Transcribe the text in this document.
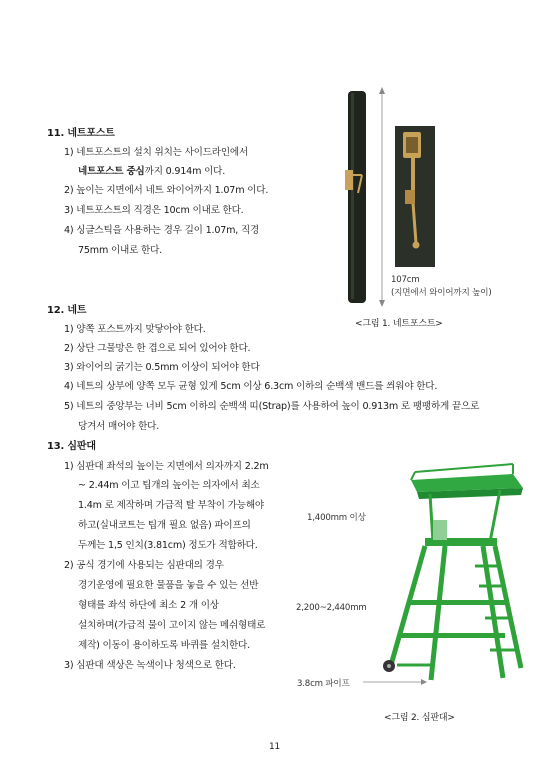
11. 네트포스트
1) 네트포스트의 설치 위치는 사이드라인에서
네트포스트 중심까지 0.914m 이다.
2) 높이는 지면에서 네트 와이어까지 1.07m 이다.
3) 네트포스트의 직경은 10cm 이내로 한다.
4) 싱글스틱을 사용하는 경우 길이 1.07m, 직경
75mm 이내로 한다.
12. 네트
1) 양쪽 포스트까지 맞닿아야 한다.
2) 상단 그물망은 한 겹으로 되어 있어야 한다.
3) 와이어의 굵기는 0.5mm 이상이 되어야 한다
4) 네트의 상부에 양쪽 모두 균형 있게 5cm 이상 6.3cm 이하의 순백색 밴드를 씌워야 한다.
5) 네트의 중앙부는 너비 5cm 이하의 순백색 띠(Strap)를 사용하여 높이 0.913m 로 팽팽하게 끝으로
당겨서 매어야 한다.
13. 심판대
1) 심판대 좌석의 높이는 지면에서 의자까지 2.2m
~ 2.44m 이고 팁개의 높이는 의자에서 최소
1.4m 로 제작하며 가급적 탈 부착이 가능해야
하고(실내코트는 팁개 필요 없음) 파이프의
두께는 1,5 인치(3.81cm) 정도가 적합하다.
2) 공식 경기에 사용되는 심판대의 경우
경기운영에 필요한 물품을 놓을 수 있는 선반
형태를 좌석 하단에 최소 2 개 이상
설치하며(가급적 물이 고이지 않는 메쉬형태로
제작) 이동이 용이하도록 바퀴를 설치한다.
3) 심판대 색상은 녹색이나 청색으로 한다.
107cm
(지면에서 와이어까지 높이)
<그림 1. 네트포스트>
1,400mm 이상
2,200~2,440mm
3.8cm 파이프
<그림 2. 심판대>
11
